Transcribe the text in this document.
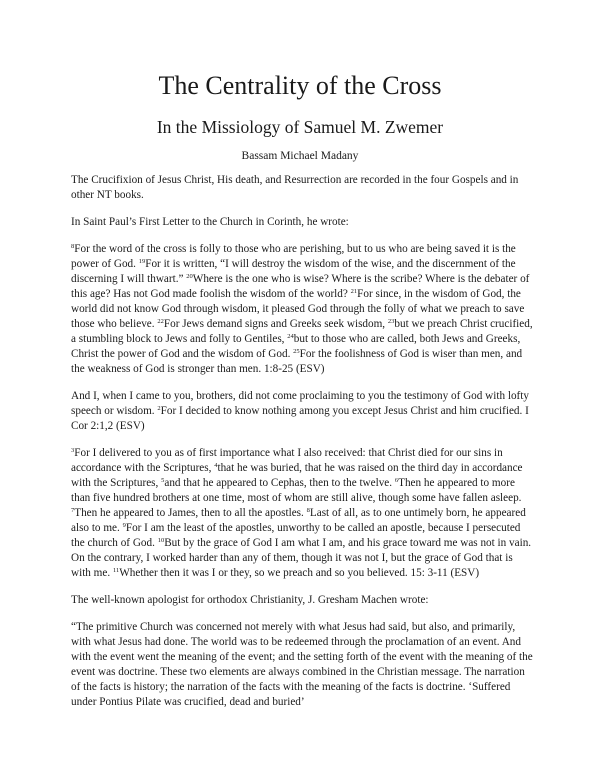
The Centrality of the Cross
In the Missiology of Samuel M. Zwemer
Bassam Michael Madany

The Crucifixion of Jesus Christ, His death, and Resurrection are recorded in the four Gospels and in other NT books.

In Saint Paul’s First Letter to the Church in Corinth, he wrote:

$^8$For the word of the cross is folly to those who are perishing, but to us who are being saved it is the power of God. $^{19}$For it is written, “I will destroy the wisdom of the wise, and the discernment of the discerning I will thwart.” $^{20}$Where is the one who is wise? Where is the scribe? Where is the debater of this age? Has not God made foolish the wisdom of the world? $^{21}$For since, in the wisdom of God, the world did not know God through wisdom, it pleased God through the folly of what we preach to save those who believe. $^{22}$For Jews demand signs and Greeks seek wisdom, $^{23}$but we preach Christ crucified, a stumbling block to Jews and folly to Gentiles, $^{24}$but to those who are called, both Jews and Greeks, Christ the power of God and the wisdom of God. $^{25}$For the foolishness of God is wiser than men, and the weakness of God is stronger than men. 1:8-25 (ESV)

And I, when I came to you, brothers, did not come proclaiming to you the testimony of God with lofty speech or wisdom. $^2$For I decided to know nothing among you except Jesus Christ and him crucified. I Cor 2:1,2 (ESV)

$^3$For I delivered to you as of first importance what I also received: that Christ died for our sins in accordance with the Scriptures, $^4$that he was buried, that he was raised on the third day in accordance with the Scriptures, $^5$and that he appeared to Cephas, then to the twelve. $^6$Then he appeared to more than five hundred brothers at one time, most of whom are still alive, though some have fallen asleep. $^7$Then he appeared to James, then to all the apostles. $^8$Last of all, as to one untimely born, he appeared also to me. $^9$For I am the least of the apostles, unworthy to be called an apostle, because I persecuted the church of God. $^{10}$But by the grace of God I am what I am, and his grace toward me was not in vain. On the contrary, I worked harder than any of them, though it was not I, but the grace of God that is with me. $^{11}$Whether then it was I or they, so we preach and so you believed. 15: 3-11 (ESV)

The well-known apologist for orthodox Christianity, J. Gresham Machen wrote:

“The primitive Church was concerned not merely with what Jesus had said, but also, and primarily, with what Jesus had done. The world was to be redeemed through the proclamation of an event. And with the event went the meaning of the event; and the setting forth of the event with the meaning of the event was doctrine. These two elements are always combined in the Christian message. The narration of the facts is history; the narration of the facts with the meaning of the facts is doctrine. ‘Suffered under Pontius Pilate was crucified, dead and buried’
